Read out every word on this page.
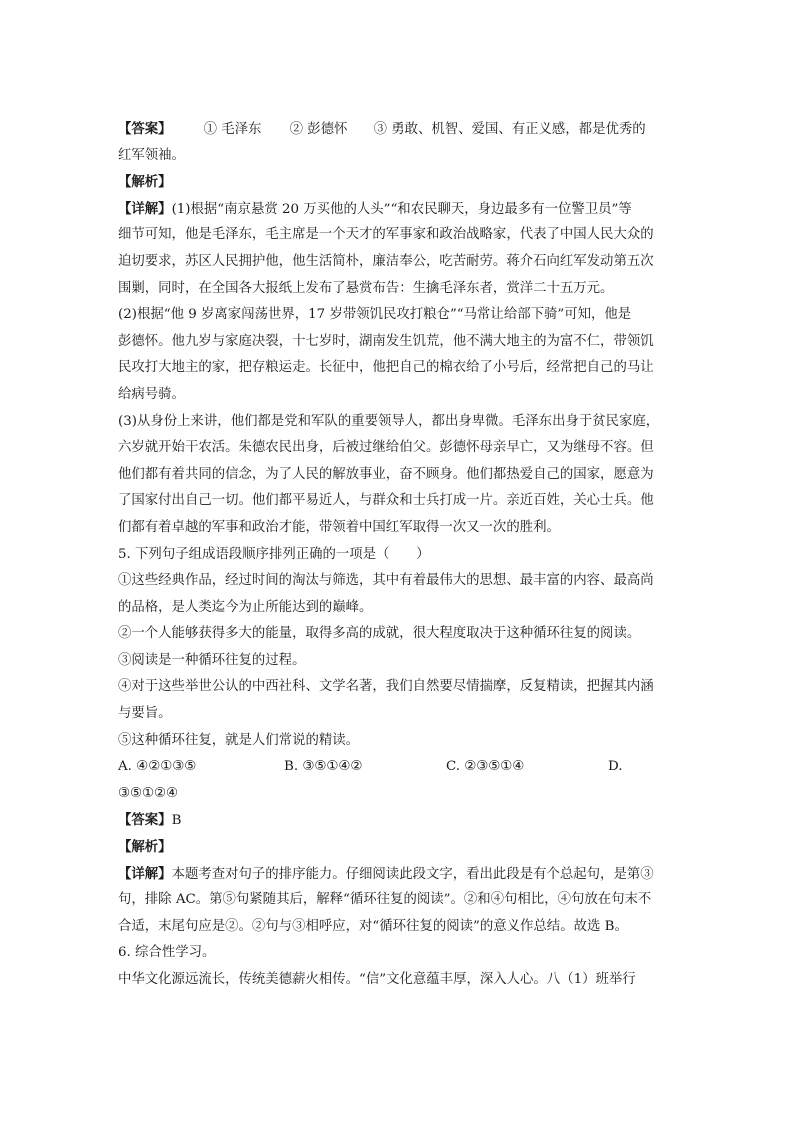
【答案】 ① 毛泽东 ② 彭德怀 ③ 勇敢、机智、爱国、有正义感，都是优秀的
红军领袖。
【解析】
【详解】(1)根据“南京悬赏 20 万买他的人头”“和农民聊天，身边最多有一位警卫员”等
细节可知，他是毛泽东，毛主席是一个天才的军事家和政治战略家，代表了中国人民大众的
迫切要求，苏区人民拥护他，他生活简朴，廉洁奉公，吃苦耐劳。蒋介石向红军发动第五次
围剿，同时，在全国各大报纸上发布了悬赏布告：生擒毛泽东者，赏洋二十五万元。
(2)根据“他 9 岁离家闯荡世界，17 岁带领饥民攻打粮仓”“马常让给部下骑”可知，他是
彭德怀。他九岁与家庭决裂，十七岁时，湖南发生饥荒，他不满大地主的为富不仁，带领饥
民攻打大地主的家，把存粮运走。长征中，他把自己的棉衣给了小号后，经常把自己的马让
给病号骑。
(3)从身份上来讲，他们都是党和军队的重要领导人，都出身卑微。毛泽东出身于贫民家庭，
六岁就开始干农活。朱德农民出身，后被过继给伯父。彭德怀母亲早亡，又为继母不容。但
他们都有着共同的信念，为了人民的解放事业，奋不顾身。他们都热爱自己的国家，愿意为
了国家付出自己一切。他们都平易近人，与群众和士兵打成一片。亲近百姓，关心士兵。他
们都有着卓越的军事和政治才能，带领着中国红军取得一次又一次的胜利。
5. 下列句子组成语段顺序排列正确的一项是（　　）
①这些经典作品，经过时间的淘汰与筛选，其中有着最伟大的思想、最丰富的内容、最高尚
的品格，是人类迄今为止所能达到的巅峰。
②一个人能够获得多大的能量，取得多高的成就，很大程度取决于这种循环往复的阅读。
③阅读是一种循环往复的过程。
④对于这些举世公认的中西社科、文学名著，我们自然要尽情揣摩，反复精读，把握其内涵
与要旨。
⑤这种循环往复，就是人们常说的精读。
A. ④②①③⑤	B. ③⑤①④②	C. ②③⑤①④	D.
③⑤①②④
【答案】B
【解析】
【详解】本题考查对句子的排序能力。仔细阅读此段文字，看出此段是有个总起句，是第③
句，排除 AC。第⑤句紧随其后，解释“循环往复的阅读”。②和④句相比，④句放在句末不
合适，末尾句应是②。②句与③相呼应，对“循环往复的阅读”的意义作总结。故选 B。
6. 综合性学习。
中华文化源远流长，传统美德薪火相传。“信”文化意蕴丰厚，深入人心。八（1）班举行
